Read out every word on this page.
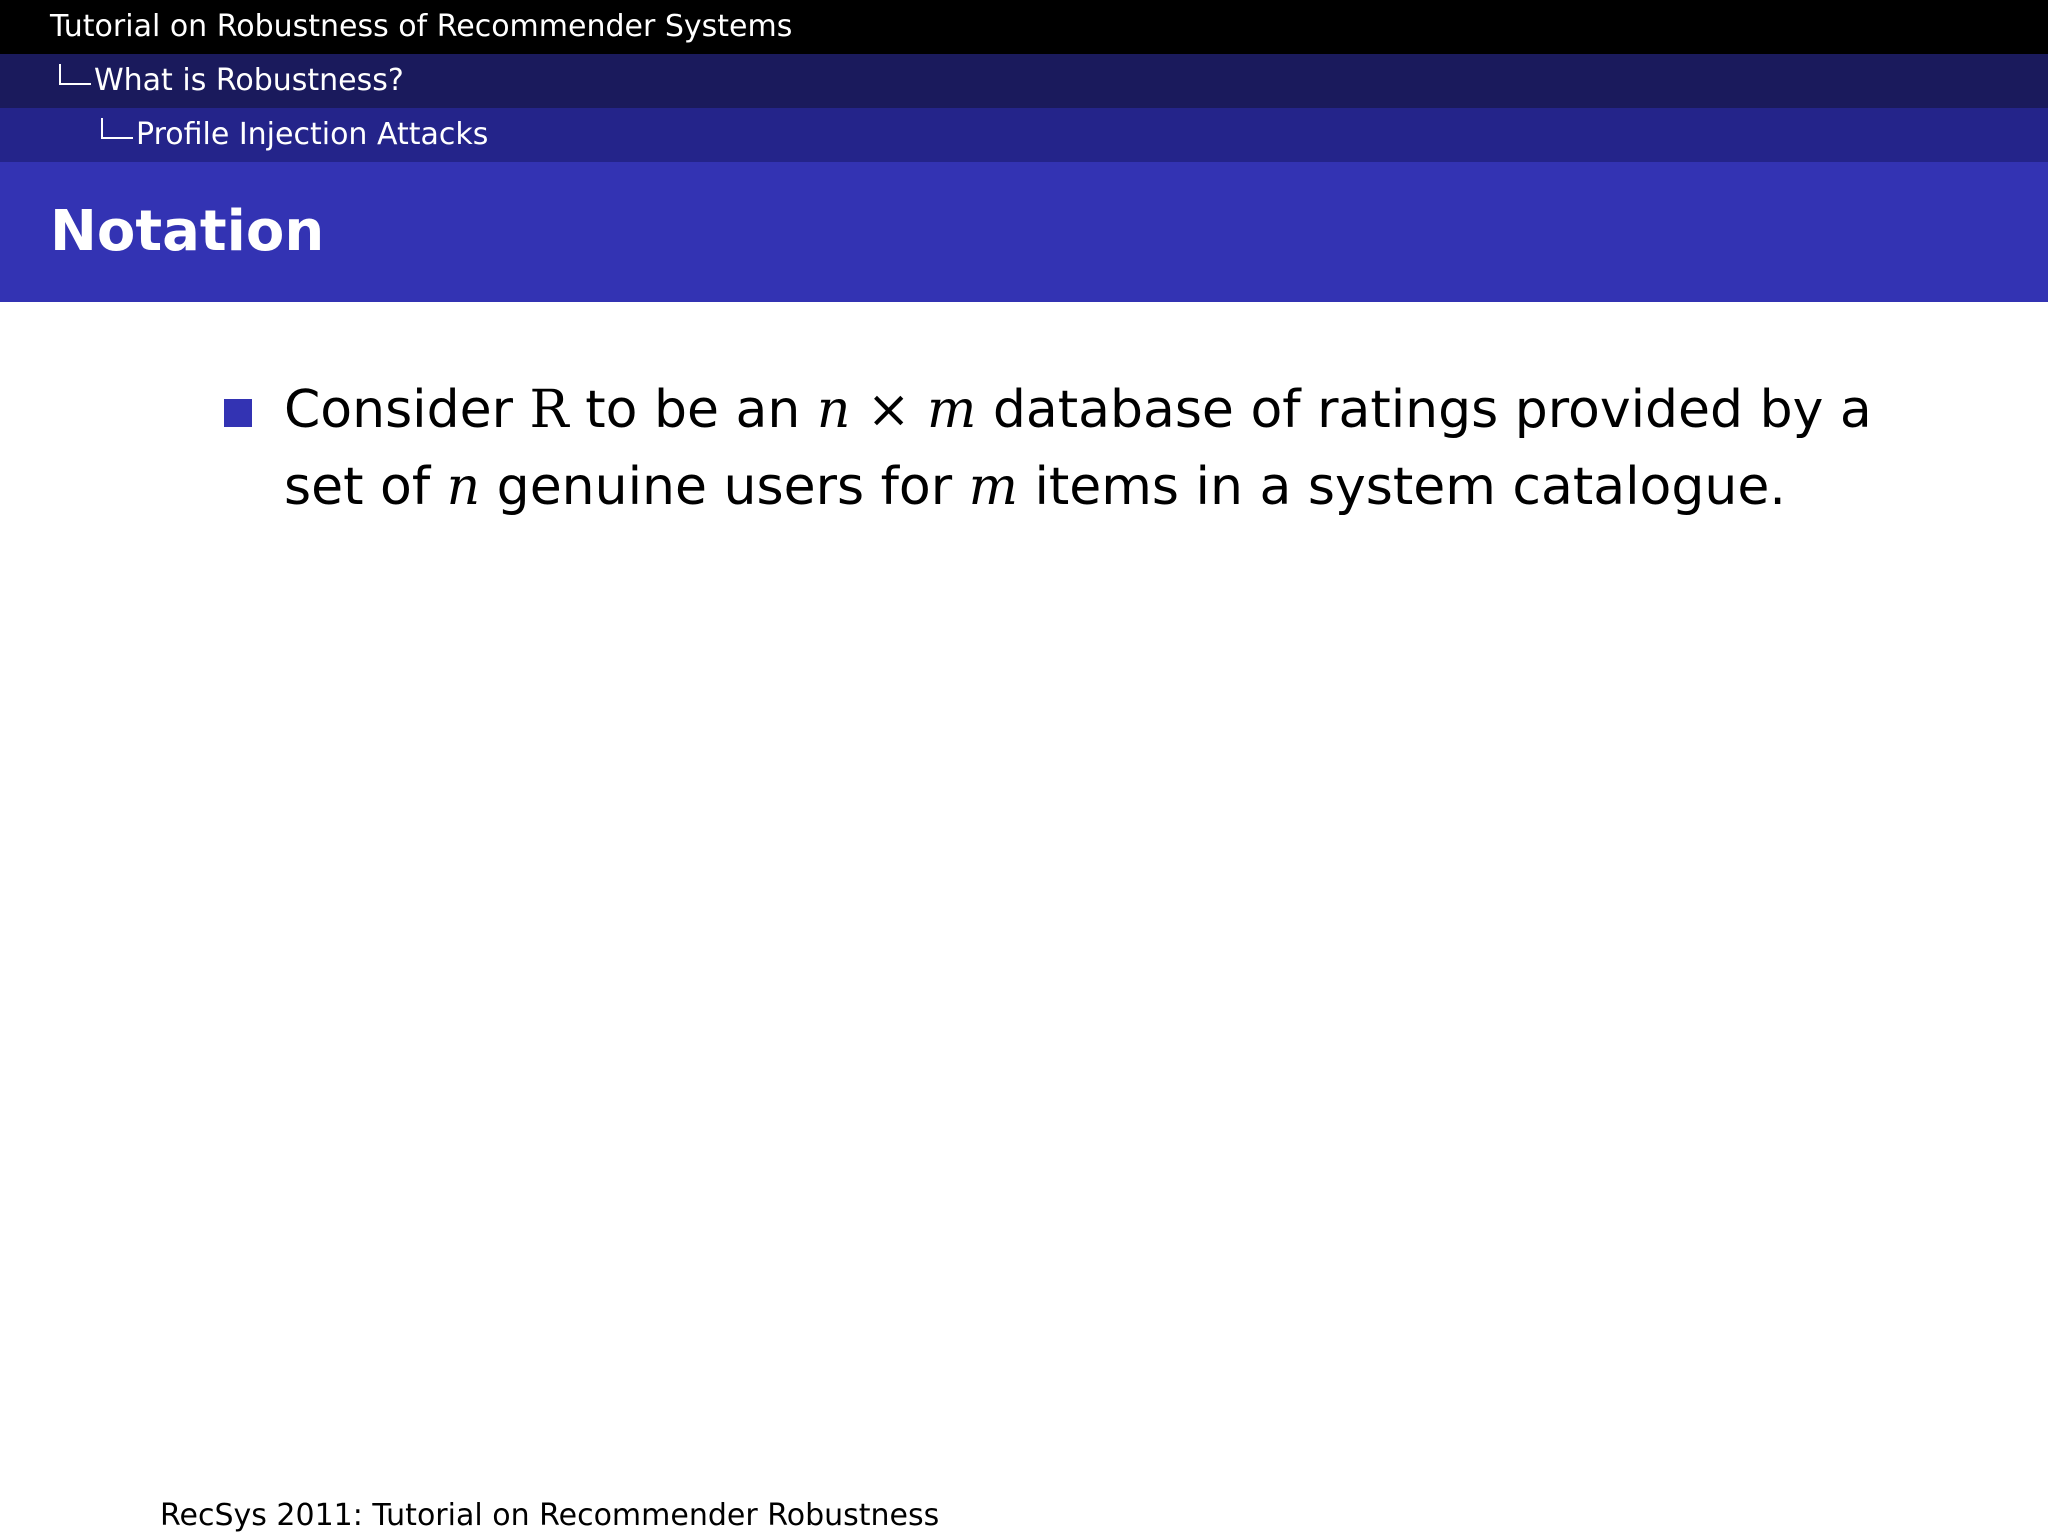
Tutorial on Robustness of Recommender Systems
What is Robustness?
Profile Injection Attacks
Notation
Consider R to be an n × m database of ratings provided by a set of n genuine users for m items in a system catalogue.
RecSys 2011: Tutorial on Recommender Robustness
